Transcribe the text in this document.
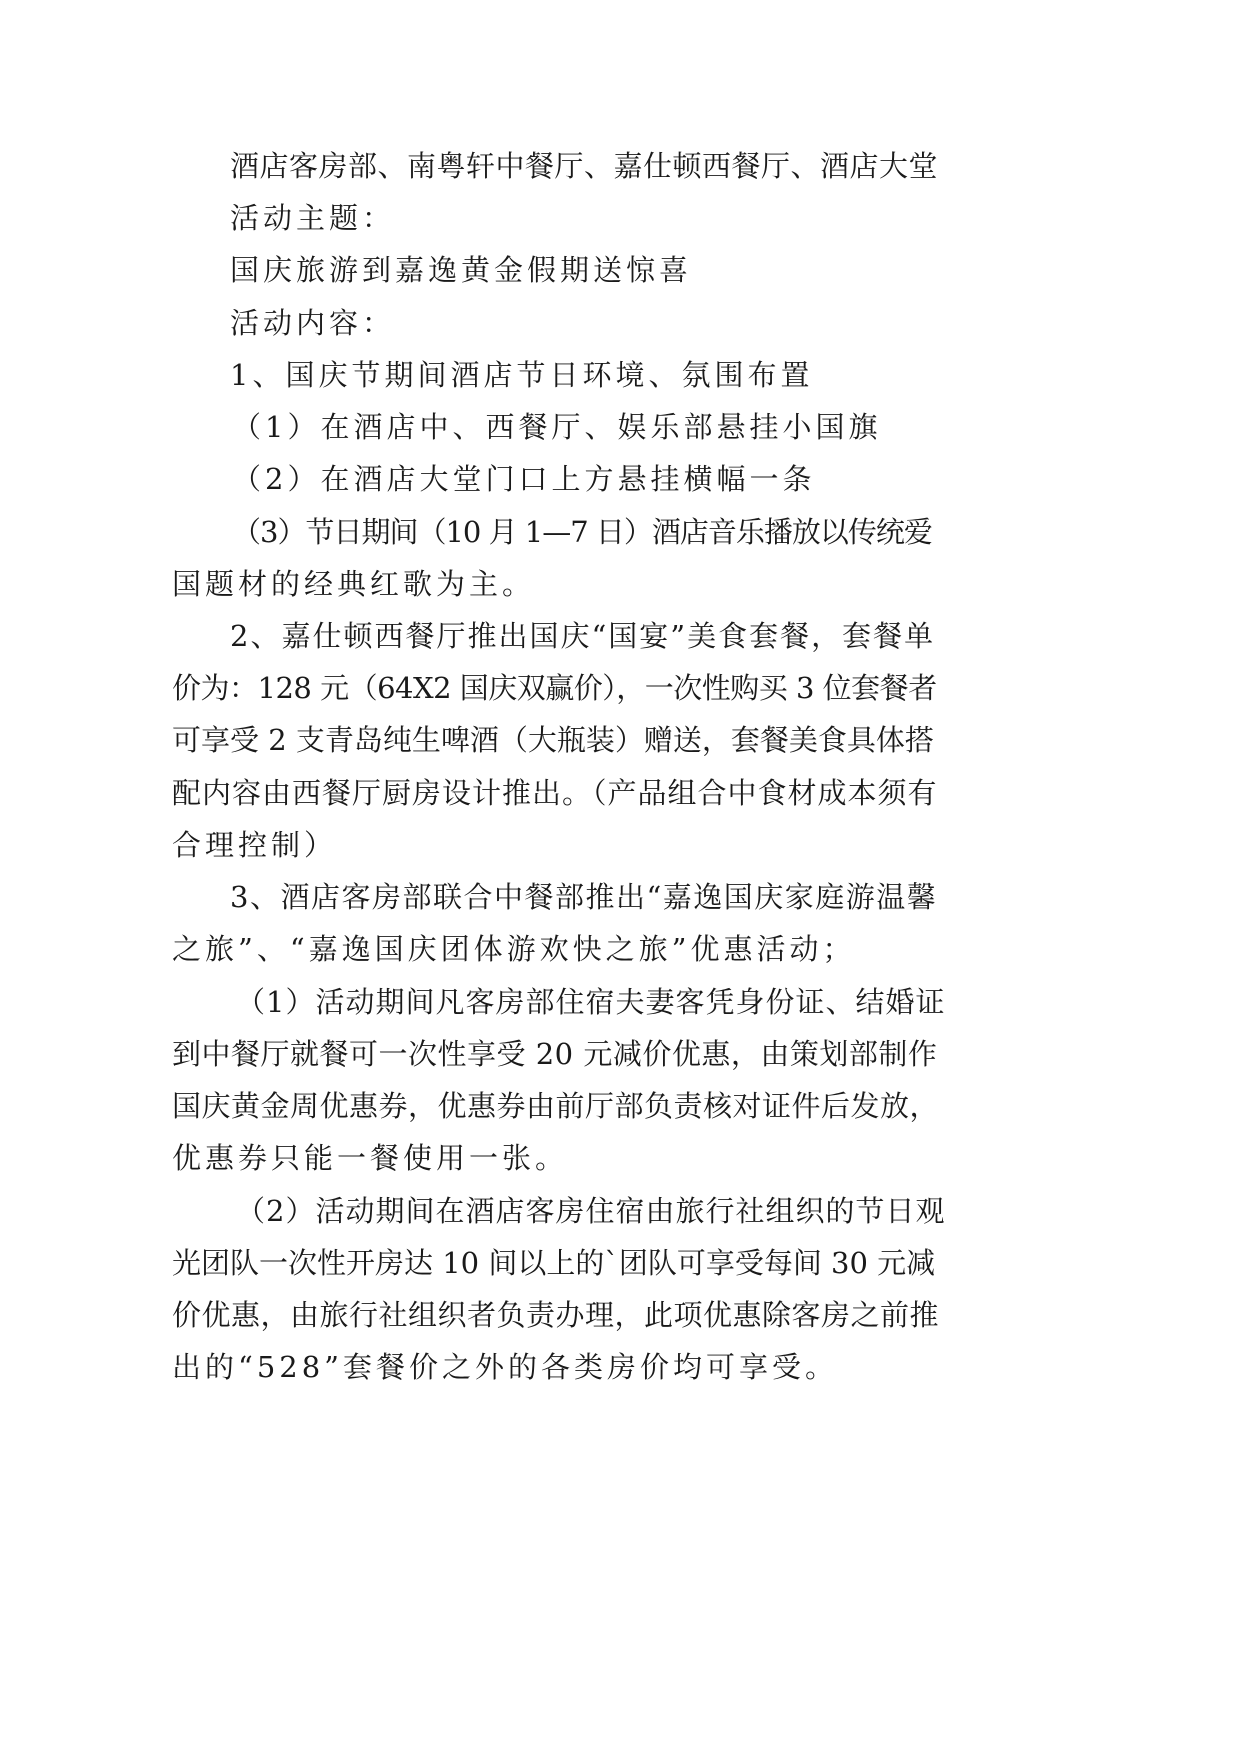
酒店客房部、南粤轩中餐厅、嘉仕顿西餐厅、酒店大堂
活动主题：
国庆旅游到嘉逸黄金假期送惊喜
活动内容：
1、国庆节期间酒店节日环境、氛围布置
（1）在酒店中、西餐厅、娱乐部悬挂小国旗
（2）在酒店大堂门口上方悬挂横幅一条
（3）节日期间（10 月 1—7 日）酒店音乐播放以传统爱
国题材的经典红歌为主。
2、嘉仕顿西餐厅推出国庆“国宴”美食套餐，套餐单
价为：128 元（64X2 国庆双赢价），一次性购买 3 位套餐者
可享受 2 支青岛纯生啤酒（大瓶装）赠送，套餐美食具体搭
配内容由西餐厅厨房设计推出。（产品组合中食材成本须有
合理控制）
3、酒店客房部联合中餐部推出“嘉逸国庆家庭游温馨
之旅”、“嘉逸国庆团体游欢快之旅”优惠活动；
（1）活动期间凡客房部住宿夫妻客凭身份证、结婚证
到中餐厅就餐可一次性享受 20 元减价优惠，由策划部制作
国庆黄金周优惠券，优惠券由前厅部负责核对证件后发放，
优惠券只能一餐使用一张。
（2）活动期间在酒店客房住宿由旅行社组织的节日观
光团队一次性开房达 10 间以上的`团队可享受每间 30 元减
价优惠，由旅行社组织者负责办理，此项优惠除客房之前推
出的“528”套餐价之外的各类房价均可享受。
